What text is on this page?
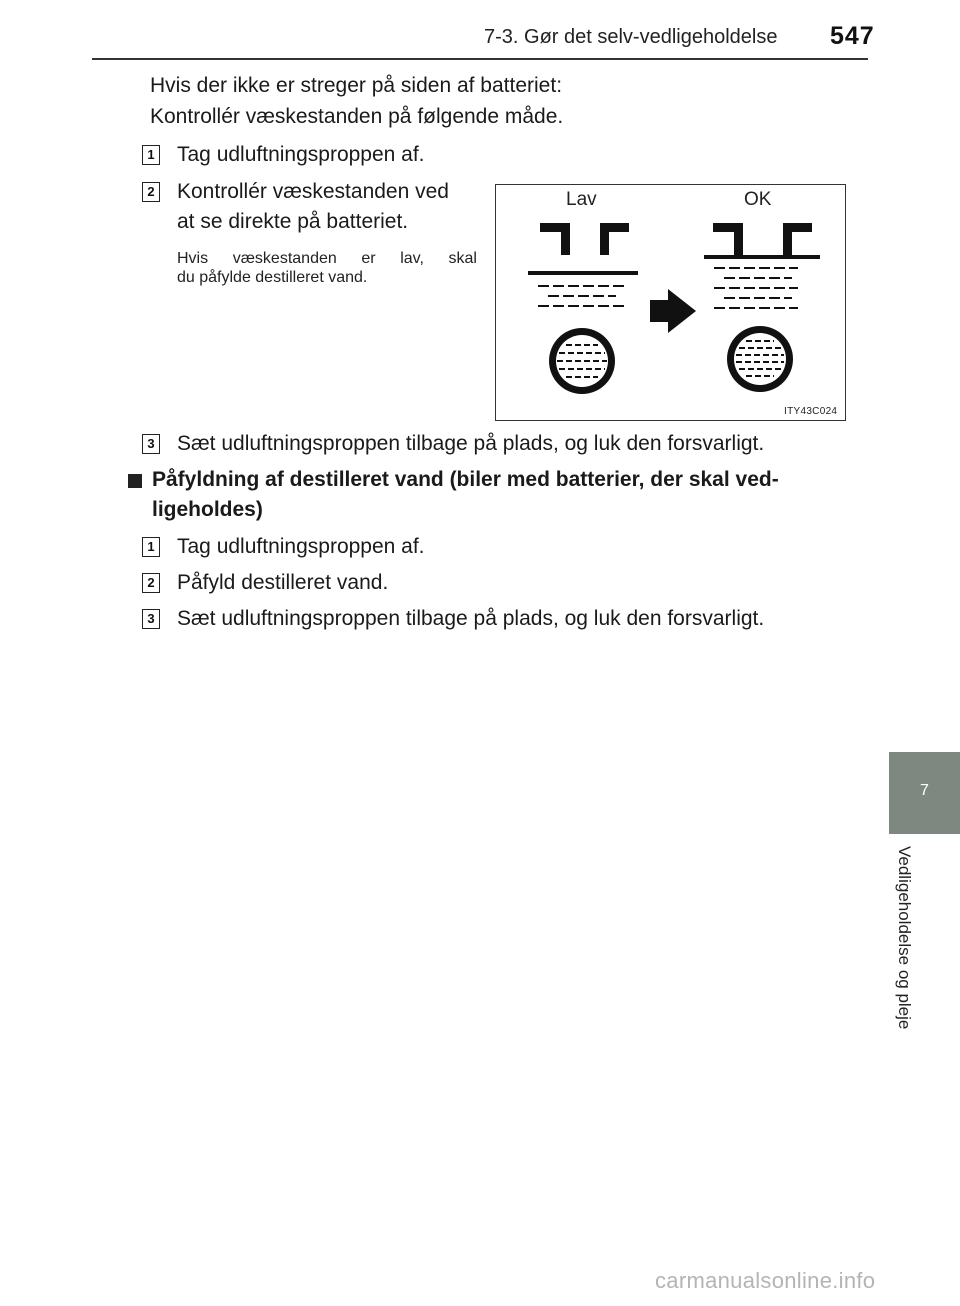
7-3. Gør det selv-vedligeholdelse 547
7
Vedligeholdelse og pleje
Hvis der ikke er streger på siden af batteriet:
Kontrollér væskestanden på følgende måde.
1 Tag udluftningsproppen af.
2 Kontrollér væskestanden ved
at se direkte på batteriet.
Hvis væskestanden er lav, skal
du påfylde destilleret vand.
Lav	OK
ITY43C024
3 Sæt udluftningsproppen tilbage på plads, og luk den forsvarligt.
Påfyldning af destilleret vand (biler med batterier, der skal ved-
ligeholdes)
1 Tag udluftningsproppen af.
2 Påfyld destilleret vand.
3 Sæt udluftningsproppen tilbage på plads, og luk den forsvarligt.
carmanualsonline.info
